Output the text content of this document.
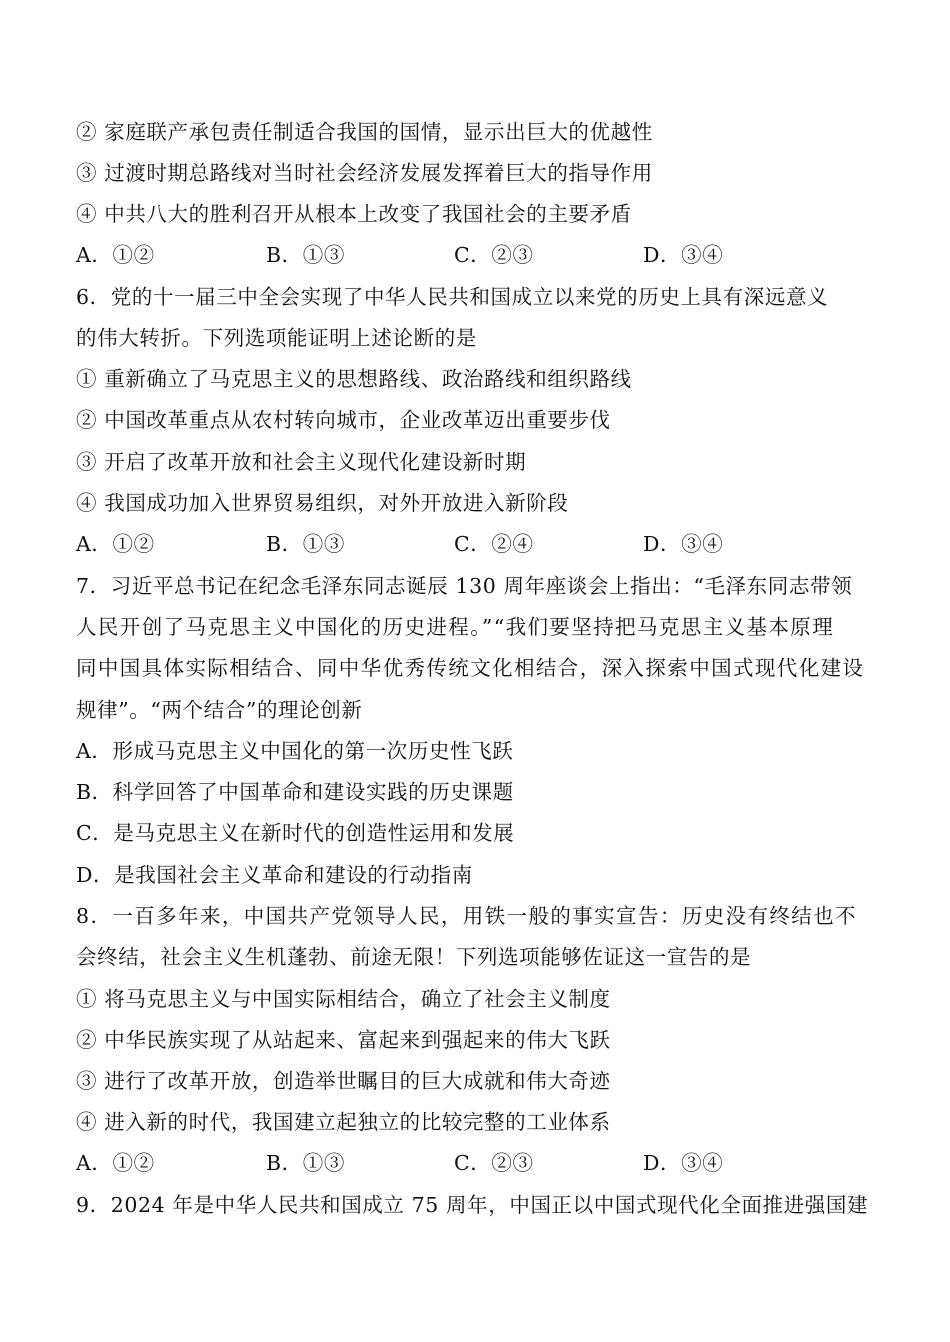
② 家庭联产承包责任制适合我国的国情，显示出巨大的优越性
③ 过渡时期总路线对当时社会经济发展发挥着巨大的指导作用
④ 中共八大的胜利召开从根本上改变了我国社会的主要矛盾
A．①②	B．①③	C．②③	D．③④
6．党的十一届三中全会实现了中华人民共和国成立以来党的历史上具有深远意义
的伟大转折。下列选项能证明上述论断的是
① 重新确立了马克思主义的思想路线、政治路线和组织路线
② 中国改革重点从农村转向城市，企业改革迈出重要步伐
③ 开启了改革开放和社会主义现代化建设新时期
④ 我国成功加入世界贸易组织，对外开放进入新阶段
A．①②	B．①③	C．②④	D．③④
7．习近平总书记在纪念毛泽东同志诞辰 130 周年座谈会上指出：“毛泽东同志带领
人民开创了马克思主义中国化的历史进程。”“我们要坚持把马克思主义基本原理
同中国具体实际相结合、同中华优秀传统文化相结合，深入探索中国式现代化建设
规律”。“两个结合”的理论创新
A．形成马克思主义中国化的第一次历史性飞跃
B．科学回答了中国革命和建设实践的历史课题
C．是马克思主义在新时代的创造性运用和发展
D．是我国社会主义革命和建设的行动指南
8．一百多年来，中国共产党领导人民，用铁一般的事实宣告：历史没有终结也不
会终结，社会主义生机蓬勃、前途无限！下列选项能够佐证这一宣告的是
① 将马克思主义与中国实际相结合，确立了社会主义制度
② 中华民族实现了从站起来、富起来到强起来的伟大飞跃
③ 进行了改革开放，创造举世瞩目的巨大成就和伟大奇迹
④ 进入新的时代，我国建立起独立的比较完整的工业体系
A．①②	B．①③	C．②③	D．③④
9．2024 年是中华人民共和国成立 75 周年，中国正以中国式现代化全面推进强国建
